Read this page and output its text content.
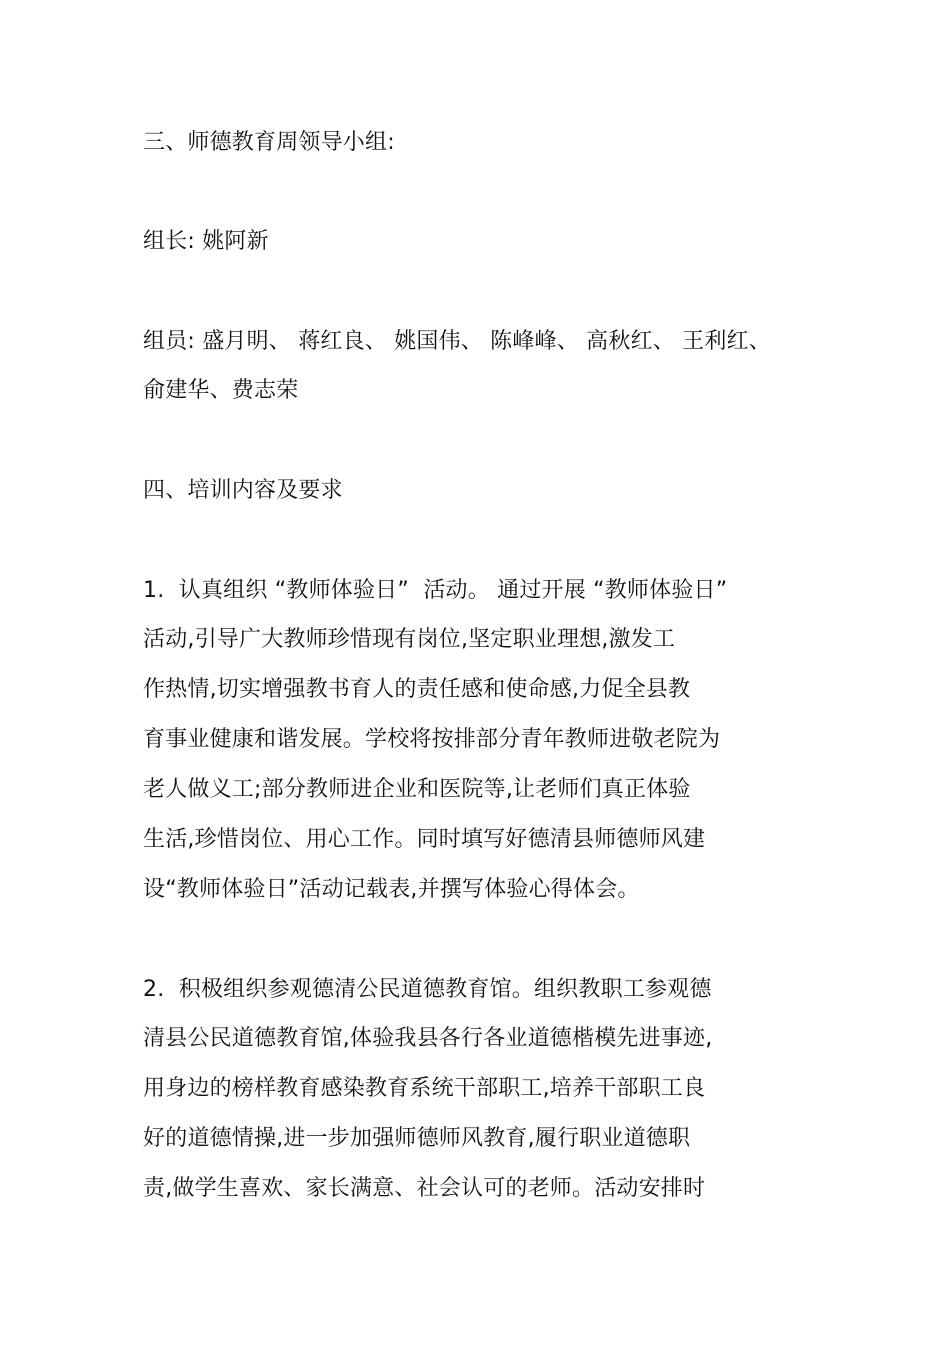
三、师德教育周领导小组:
组长: 姚阿新
组员: 盛月明、 蒋红良、 姚国伟、 陈峰峰、 高秋红、 王利红、
俞建华、费志荣
四、培训内容及要求
1.  认真组织 “教师体验日”  活动。 通过开展 “教师体验日”
活动,引导广大教师珍惜现有岗位,坚定职业理想,激发工
作热情,切实增强教书育人的责任感和使命感,力促全县教
育事业健康和谐发展。学校将按排部分青年教师进敬老院为
老人做义工;部分教师进企业和医院等,让老师们真正体验
生活,珍惜岗位、用心工作。同时填写好德清县师德师风建
设“教师体验日”活动记载表,并撰写体验心得体会。
2.  积极组织参观德清公民道德教育馆。组织教职工参观德
清县公民道德教育馆,体验我县各行各业道德楷模先进事迹,
用身边的榜样教育感染教育系统干部职工,培养干部职工良
好的道德情操,进一步加强师德师风教育,履行职业道德职
责,做学生喜欢、家长满意、社会认可的老师。活动安排时
